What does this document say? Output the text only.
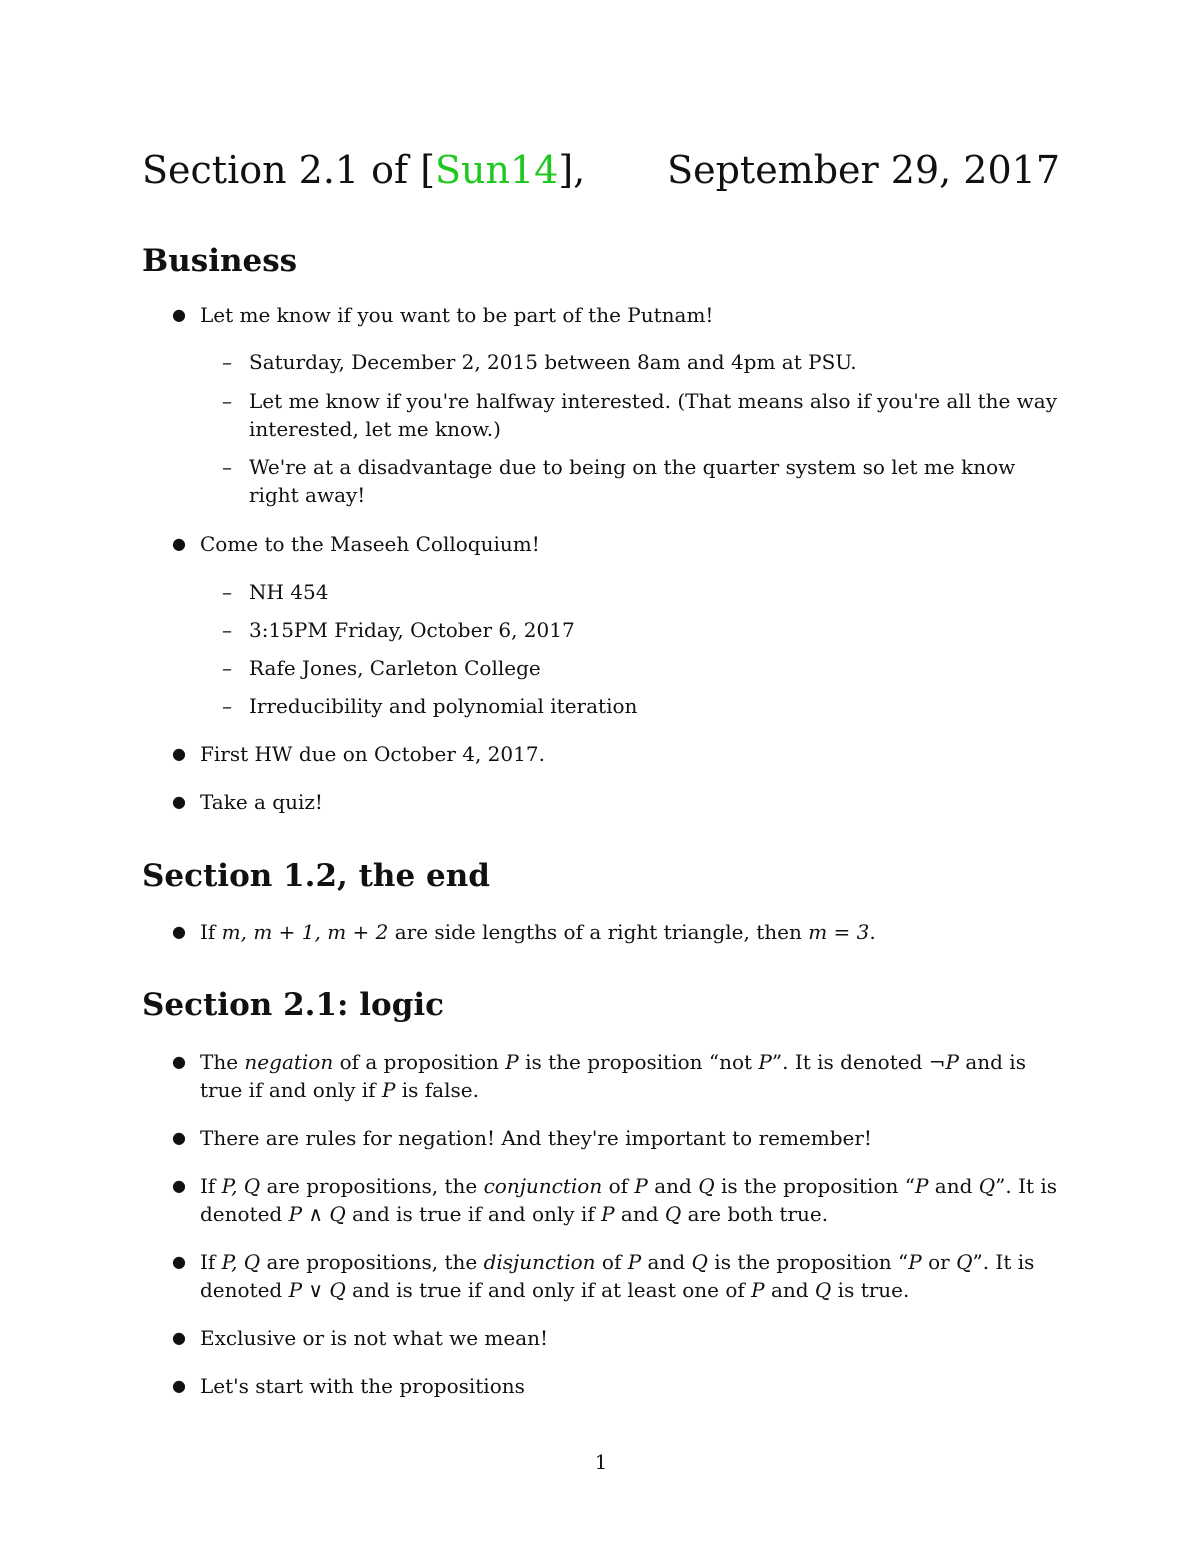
Section 2.1 of [Sun14], September 29, 2017
Business
● Let me know if you want to be part of the Putnam!
– Saturday, December 2, 2015 between 8am and 4pm at PSU.
– Let me know if you're halfway interested. (That means also if you're all the way interested, let me know.)
– We're at a disadvantage due to being on the quarter system so let me know right away!
● Come to the Maseeh Colloquium!
– NH 454
– 3:15PM Friday, October 6, 2017
– Rafe Jones, Carleton College
– Irreducibility and polynomial iteration
● First HW due on October 4, 2017.
● Take a quiz!
Section 1.2, the end
● If m, m + 1, m + 2 are side lengths of a right triangle, then m = 3.
Section 2.1: logic
● The negation of a proposition P is the proposition “not P”. It is denoted ¬P and is true if and only if P is false.
● There are rules for negation! And they're important to remember!
● If P, Q are propositions, the conjunction of P and Q is the proposition “P and Q”. It is denoted P ∧ Q and is true if and only if P and Q are both true.
● If P, Q are propositions, the disjunction of P and Q is the proposition “P or Q”. It is denoted P ∨ Q and is true if and only if at least one of P and Q is true.
● Exclusive or is not what we mean!
● Let's start with the propositions
1
